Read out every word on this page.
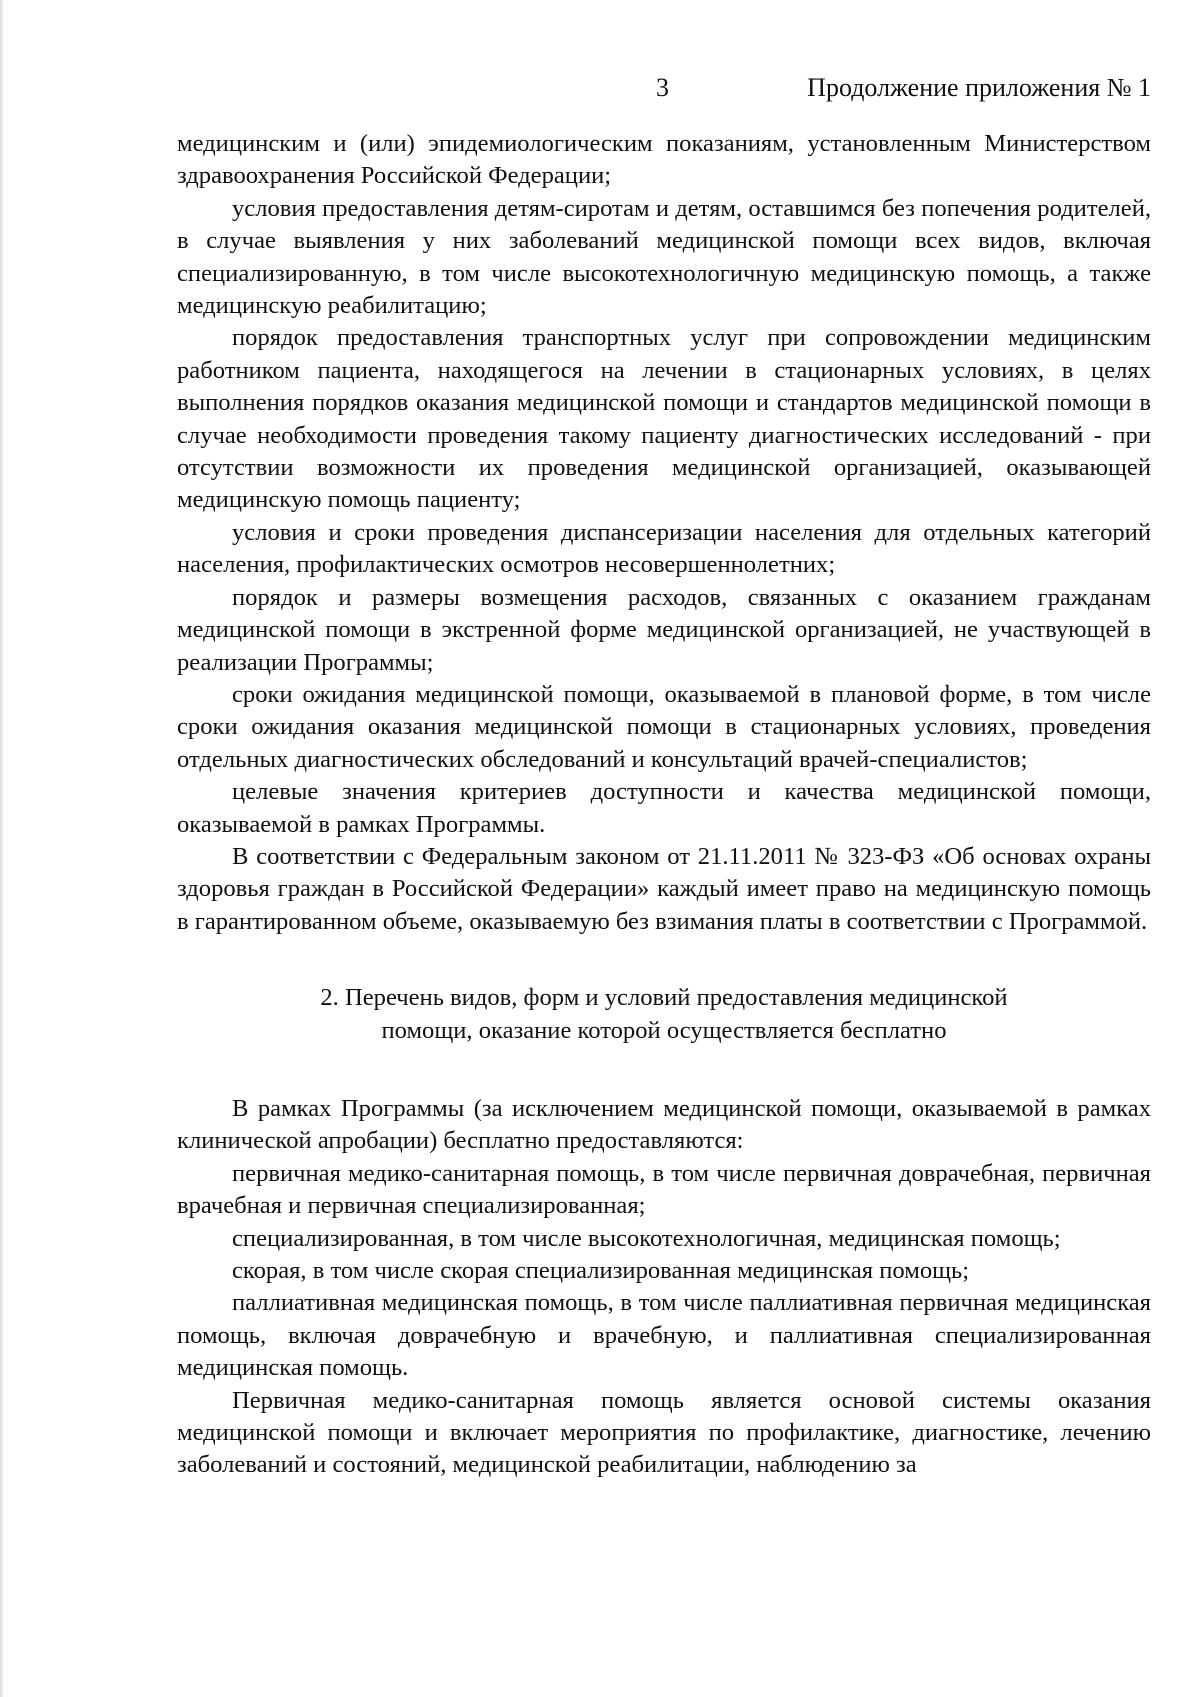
3	Продолжение приложения № 1

медицинским и (или) эпидемиологическим показаниям, установленным Министерством здравоохранения Российской Федерации;

условия предоставления детям-сиротам и детям, оставшимся без попечения родителей, в случае выявления у них заболеваний медицинской помощи всех видов, включая специализированную, в том числе высокотехнологичную медицинскую помощь, а также медицинскую реабилитацию;

порядок предоставления транспортных услуг при сопровождении медицинским работником пациента, находящегося на лечении в стационарных условиях, в целях выполнения порядков оказания медицинской помощи и стандартов медицинской помощи в случае необходимости проведения такому пациенту диагностических исследований - при отсутствии возможности их проведения медицинской организацией, оказывающей медицинскую помощь пациенту;

условия и сроки проведения диспансеризации населения для отдельных категорий населения, профилактических осмотров несовершеннолетних;

порядок и размеры возмещения расходов, связанных с оказанием гражданам медицинской помощи в экстренной форме медицинской организацией, не участвующей в реализации Программы;

сроки ожидания медицинской помощи, оказываемой в плановой форме, в том числе сроки ожидания оказания медицинской помощи в стационарных условиях, проведения отдельных диагностических обследований и консультаций врачей-специалистов;

целевые значения критериев доступности и качества медицинской помощи, оказываемой в рамках Программы.

В соответствии с Федеральным законом от 21.11.2011 № 323-ФЗ «Об основах охраны здоровья граждан в Российской Федерации» каждый имеет право на медицинскую помощь в гарантированном объеме, оказываемую без взимания платы в соответствии с Программой.

2. Перечень видов, форм и условий предоставления медицинской
помощи, оказание которой осуществляется бесплатно

В рамках Программы (за исключением медицинской помощи, оказываемой в рамках клинической апробации) бесплатно предоставляются:

первичная медико-санитарная помощь, в том числе первичная доврачебная, первичная врачебная и первичная специализированная;

специализированная, в том числе высокотехнологичная, медицинская помощь;

скорая, в том числе скорая специализированная медицинская помощь;

паллиативная медицинская помощь, в том числе паллиативная первичная медицинская помощь, включая доврачебную и врачебную, и паллиативная специализированная медицинская помощь.

Первичная медико-санитарная помощь является основой системы оказания медицинской помощи и включает мероприятия по профилактике, диагностике, лечению заболеваний и состояний, медицинской реабилитации, наблюдению за
